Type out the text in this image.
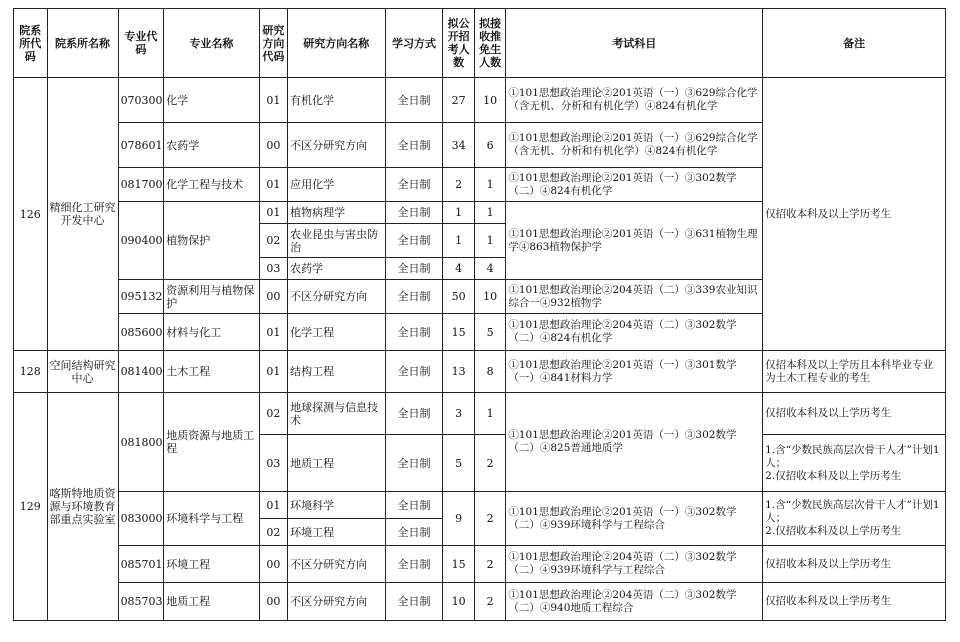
院系所代码	院系所名称	专业代码	专业名称	研究方向代码	研究方向名称	学习方式	拟公开招考人数	拟接收推免生人数	考试科目	备注
126	精细化工研究开发中心	070300	化学	01	有机化学	全日制	27	10	①101思想政治理论②201英语（一）③629综合化学（含无机、分析和有机化学）④824有机化学	仅招收本科及以上学历考生
		078601	农药学	00	不区分研究方向	全日制	34	6	①101思想政治理论②201英语（一）③629综合化学（含无机、分析和有机化学）④824有机化学	
		081700	化学工程与技术	01	应用化学	全日制	2	1	①101思想政治理论②201英语（一）③302数学（二）④824有机化学	
		090400	植物保护	01	植物病理学	全日制	1	1	①101思想政治理论②201英语（一）③631植物生理学④863植物保护学	
				02	农业昆虫与害虫防治	全日制	1	1		
				03	农药学	全日制	4	4		
		095132	资源利用与植物保护	00	不区分研究方向	全日制	50	10	①101思想政治理论②204英语（二）③339农业知识综合一④932植物学	
		085600	材料与化工	01	化学工程	全日制	15	5	①101思想政治理论②204英语（二）③302数学（二）④824有机化学	
128	空间结构研究中心	081400	土木工程	01	结构工程	全日制	13	8	①101思想政治理论②201英语（一）③301数学（一）④841材料力学	仅招本科及以上学历且本科毕业专业为土木工程专业的考生
129	喀斯特地质资源与环境教育部重点实验室	081800	地质资源与地质工程	02	地球探测与信息技术	全日制	3	1	①101思想政治理论②201英语（一）③302数学（二）④825普通地质学	仅招收本科及以上学历考生
				03	地质工程	全日制	5	2		1.含“少数民族高层次骨干人才”计划1人；
2.仅招收本科及以上学历考生
		083000	环境科学与工程	01	环境科学	全日制	9	2	①101思想政治理论②201英语（一）③302数学（二）④939环境科学与工程综合	1.含“少数民族高层次骨干人才”计划1人；
2.仅招收本科及以上学历考生
				02	环境工程	全日制				
		085701	环境工程	00	不区分研究方向	全日制	15	2	①101思想政治理论②204英语（二）③302数学（二）④939环境科学与工程综合	仅招收本科及以上学历考生
		085703	地质工程	00	不区分研究方向	全日制	10	2	①101思想政治理论②204英语（二）③302数学（二）④940地质工程综合	仅招收本科及以上学历考生
